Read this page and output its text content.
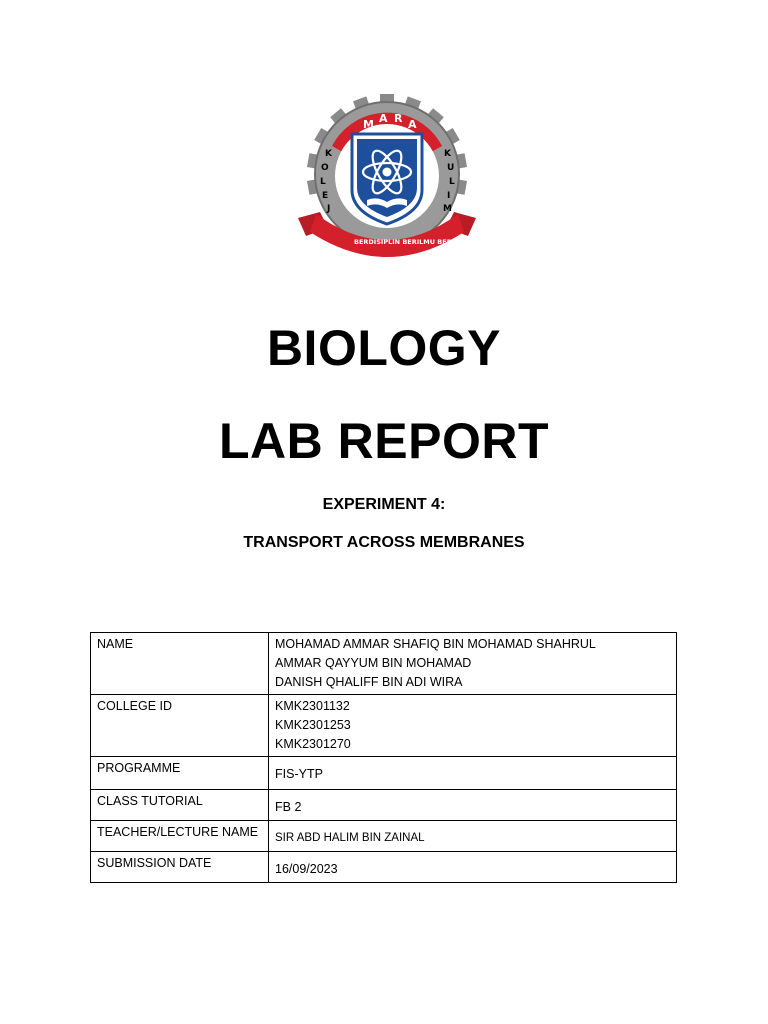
M A R A
K
O
L
E
J
K
U
L
I
M
BERDISIPLIN BERILMU BERAMAL
BIOLOGY
LAB REPORT
EXPERIMENT 4:
TRANSPORT ACROSS MEMBRANES
NAME	MOHAMAD AMMAR SHAFIQ BIN MOHAMAD SHAHRUL
AMMAR QAYYUM BIN MOHAMAD
DANISH QHALIFF BIN ADI WIRA

COLLEGE ID	KMK2301132
KMK2301253
KMK2301270

PROGRAMME	FIS-YTP

CLASS TUTORIAL	FB 2

TEACHER/LECTURE NAME	SIR ABD HALIM BIN ZAINAL

SUBMISSION DATE	16/09/2023
